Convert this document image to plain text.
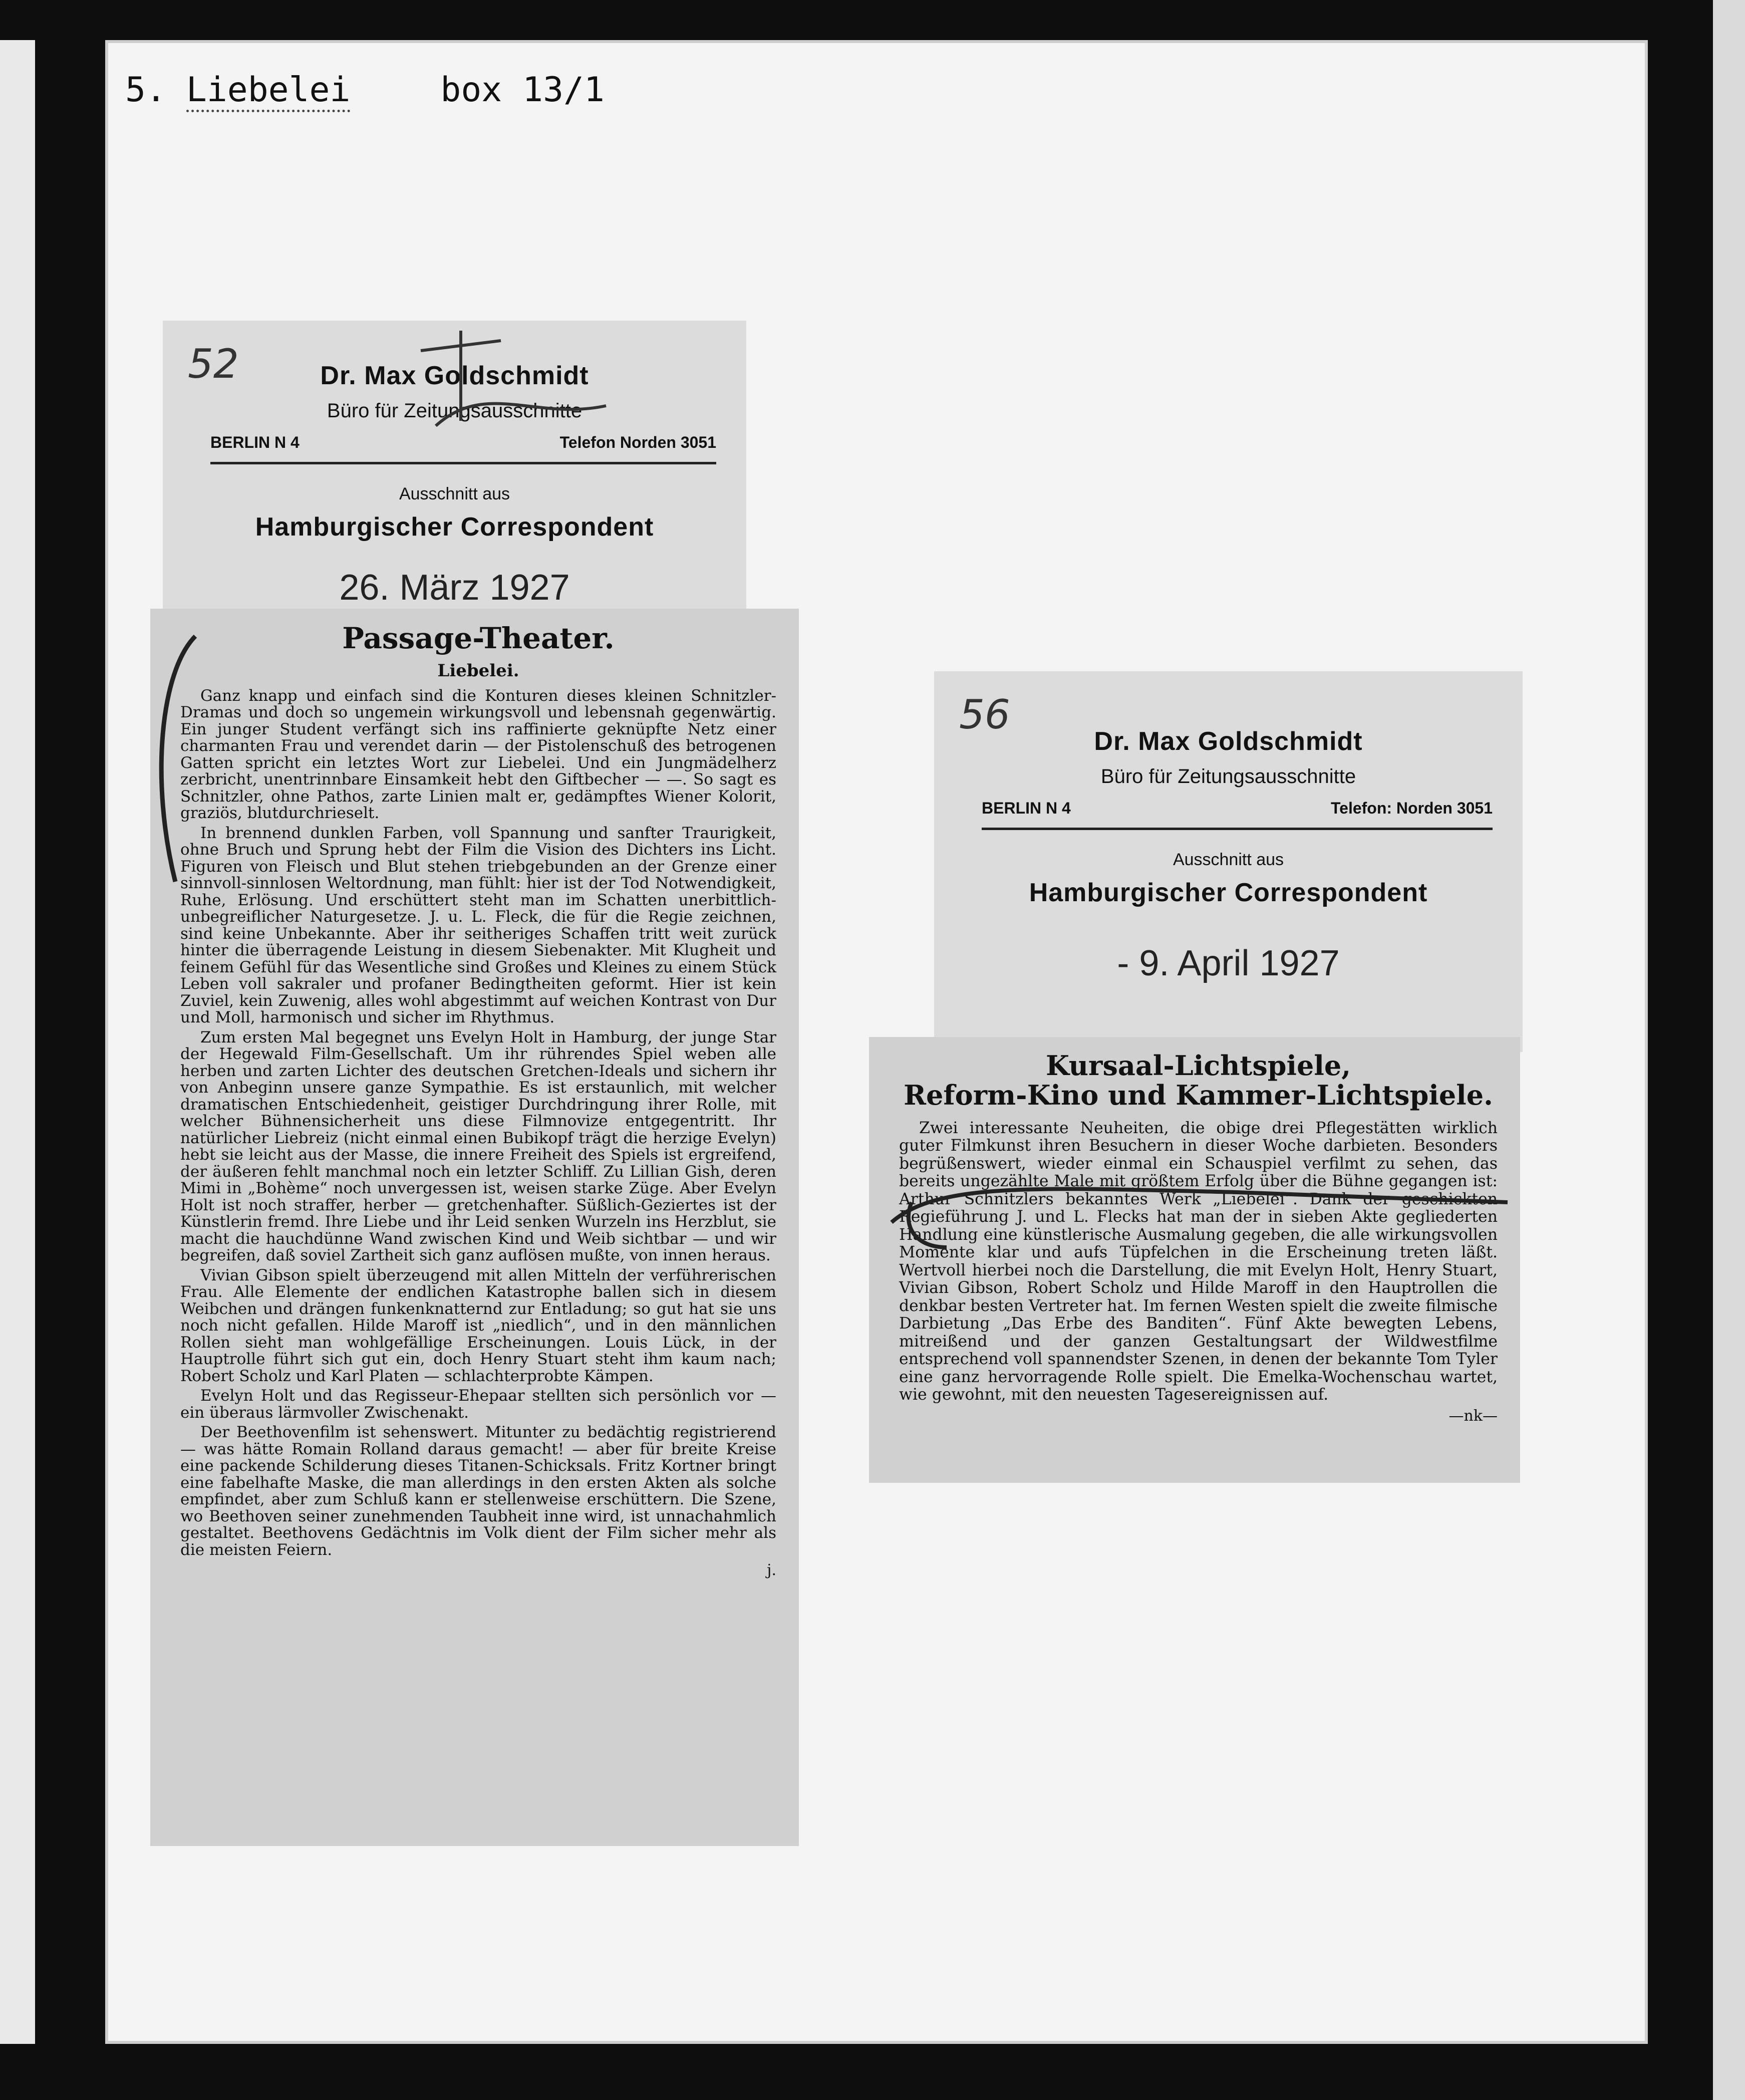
5. Liebelei	box 13/1
52	Dr. Max Goldschmidt
Büro für Zeitungsausschnitte
BERLIN N 4	Telefon Norden 3051
Ausschnitt aus
Hamburgischer Correspondent
26. März 1927
Passage-Theater.
Liebelei.

Ganz knapp und einfach sind die Konturen dieses kleinen Schnitzler-Dramas und doch so ungemein wirkungsvoll und lebensnah gegenwärtig. Ein junger Student verfängt sich ins raffinierte geknüpfte Netz einer charmanten Frau und verendet darin — der Pistolenschuß des betrogenen Gatten spricht ein letztes Wort zur Liebelei. Und ein Jungmädelherz zerbricht, unentrinnbare Einsamkeit hebt den Giftbecher — —. So sagt es Schnitzler, ohne Pathos, zarte Linien malt er, gedämpftes Wiener Kolorit, graziös, blutdurchrieselt.

In brennend dunklen Farben, voll Spannung und sanfter Traurigkeit, ohne Bruch und Sprung hebt der Film die Vision des Dichters ins Licht. Figuren von Fleisch und Blut stehen triebgebunden an der Grenze einer sinnvoll-sinnlosen Weltordnung, man fühlt: hier ist der Tod Notwendigkeit, Ruhe, Erlösung. Und erschüttert steht man im Schatten unerbittlich-unbegreiflicher Naturgesetze. J. u. L. Fleck, die für die Regie zeichnen, sind keine Unbekannte. Aber ihr seitheriges Schaffen tritt weit zurück hinter die überragende Leistung in diesem Siebenakter. Mit Klugheit und feinem Gefühl für das Wesentliche sind Großes und Kleines zu einem Stück Leben voll sakraler und profaner Bedingtheiten geformt. Hier ist kein Zuviel, kein Zuwenig, alles wohl abgestimmt auf weichen Kontrast von Dur und Moll, harmonisch und sicher im Rhythmus.

Zum ersten Mal begegnet uns Evelyn Holt in Hamburg, der junge Star der Hegewald Film-Gesellschaft. Um ihr rührendes Spiel weben alle herben und zarten Lichter des deutschen Gretchen-Ideals und sichern ihr von Anbeginn unsere ganze Sympathie. Es ist erstaunlich, mit welcher dramatischen Entschiedenheit, geistiger Durchdringung ihrer Rolle, mit welcher Bühnensicherheit uns diese Filmnovize entgegentritt. Ihr natürlicher Liebreiz (nicht einmal einen Bubikopf trägt die herzige Evelyn) hebt sie leicht aus der Masse, die innere Freiheit des Spiels ist ergreifend, der äußeren fehlt manchmal noch ein letzter Schliff. Zu Lillian Gish, deren Mimi in „Bohème“ noch unvergessen ist, weisen starke Züge. Aber Evelyn Holt ist noch straffer, herber — gretchenhafter. Süßlich-Geziertes ist der Künstlerin fremd. Ihre Liebe und ihr Leid senken Wurzeln ins Herzblut, sie macht die hauchdünne Wand zwischen Kind und Weib sichtbar — und wir begreifen, daß soviel Zartheit sich ganz auflösen mußte, von innen heraus.

Vivian Gibson spielt überzeugend mit allen Mitteln der verführerischen Frau. Alle Elemente der endlichen Katastrophe ballen sich in diesem Weibchen und drängen funkenknatternd zur Entladung; so gut hat sie uns noch nicht gefallen. Hilde Maroff ist „niedlich“, und in den männlichen Rollen sieht man wohlgefällige Erscheinungen. Louis Lück, in der Hauptrolle führt sich gut ein, doch Henry Stuart steht ihm kaum nach; Robert Scholz und Karl Platen — schlachterprobte Kämpen.

Evelyn Holt und das Regisseur-Ehepaar stellten sich persönlich vor — ein überaus lärmvoller Zwischenakt.

Der Beethovenfilm ist sehenswert. Mitunter zu bedächtig registrierend — was hätte Romain Rolland daraus gemacht! — aber für breite Kreise eine packende Schilderung dieses Titanen-Schicksals. Fritz Kortner bringt eine fabelhafte Maske, die man allerdings in den ersten Akten als solche empfindet, aber zum Schluß kann er stellenweise erschüttern. Die Szene, wo Beethoven seiner zunehmenden Taubheit inne wird, ist unnachahmlich gestaltet. Beethovens Gedächtnis im Volk dient der Film sicher mehr als die meisten Feiern.

j.
56
Dr. Max Goldschmidt
Büro für Zeitungsausschnitte
BERLIN N 4	Telefon: Norden 3051
Ausschnitt aus
Hamburgischer Correspondent
- 9. April 1927
Kursaal-Lichtspiele,
Reform-Kino und Kammer-Lichtspiele.

Zwei interessante Neuheiten, die obige drei Pflegestätten wirklich guter Filmkunst ihren Besuchern in dieser Woche darbieten. Besonders begrüßenswert, wieder einmal ein Schauspiel verfilmt zu sehen, das bereits ungezählte Male mit größtem Erfolg über die Bühne gegangen ist: Arthur Schnitzlers bekanntes Werk „Liebelei“. Dank der geschickten Regieführung J. und L. Flecks hat man der in sieben Akte gegliederten Handlung eine künstlerische Ausmalung gegeben, die alle wirkungsvollen Momente klar und aufs Tüpfelchen in die Erscheinung treten läßt. Wertvoll hierbei noch die Darstellung, die mit Evelyn Holt, Henry Stuart, Vivian Gibson, Robert Scholz und Hilde Maroff in den Hauptrollen die denkbar besten Vertreter hat. Im fernen Westen spielt die zweite filmische Darbietung „Das Erbe des Banditen“. Fünf Akte bewegten Lebens, mitreißend und der ganzen Gestaltungsart der Wildwestfilme entsprechend voll spannendster Szenen, in denen der bekannte Tom Tyler eine ganz hervorragende Rolle spielt. Die Emelka-Wochenschau wartet, wie gewohnt, mit den neuesten Tagesereignissen auf.

—nk—
